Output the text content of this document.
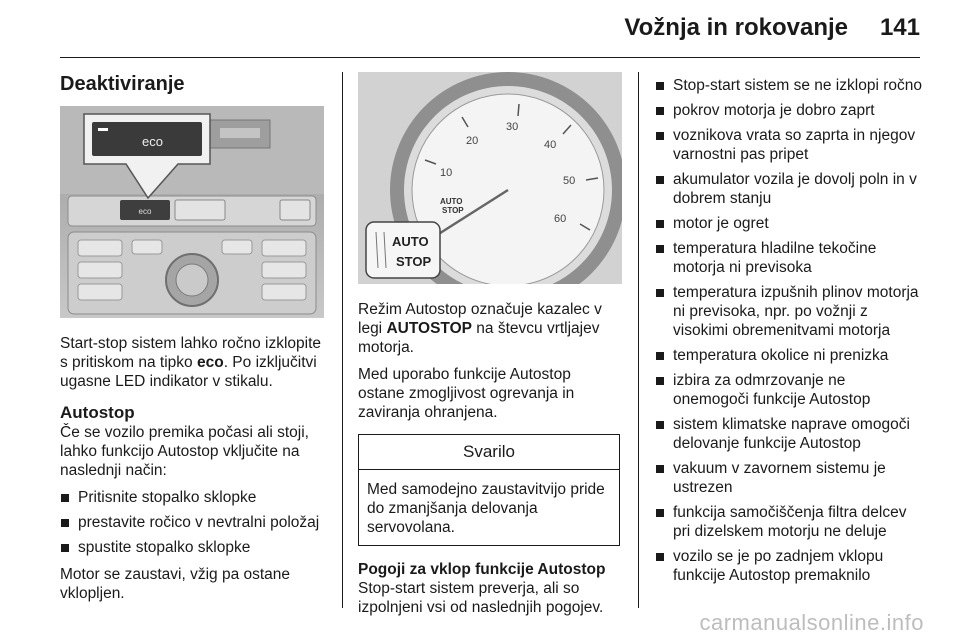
Vožnja in rokovanje 141
Deaktiviranje
eco
eco

Start-stop sistem lahko ročno izklopite s pritiskom na tipko eco. Po izključitvi ugasne LED indikator v stikalu.

Autostop

Če se vozilo premika počasi ali stoji, lahko funkcijo Autostop vključite na naslednji način:

Pritisnite stopalko sklopke
prestavite ročico v nevtralni položaj
spustite stopalko sklopke

Motor se zaustavi, vžig pa ostane vklopljen.

10
20
30
40
50
60
AUTO
STOP
AUTO
STOP

Režim Autostop označuje kazalec v legi AUTOSTOP na števcu vrtljajev motorja.

Med uporabo funkcije Autostop ostane zmogljivost ogrevanja in zaviranja ohranjena.

Svarilo
Med samodejno zaustavitvijo pride do zmanjšanja delovanja servovolana.
Pogoji za vklop funkcije Autostop

Stop-start sistem preverja, ali so izpolnjeni vsi od naslednjih pogojev.

Stop-start sistem se ne izklopi ročno
pokrov motorja je dobro zaprt
voznikova vrata so zaprta in njegov varnostni pas pripet
akumulator vozila je dovolj poln in v dobrem stanju
motor je ogret
temperatura hladilne tekočine motorja ni previsoka
temperatura izpušnih plinov motorja ni previsoka, npr. po vožnji z visokimi obremenitvami motorja
temperatura okolice ni prenizka
izbira za odmrzovanje ne onemogoči funkcije Autostop
sistem klimatske naprave omogoči delovanje funkcije Autostop
vakuum v zavornem sistemu je ustrezen
funkcija samočiščenja filtra delcev pri dizelskem motorju ne deluje
vozilo se je po zadnjem vklopu funkcije Autostop premaknilo
carmanualsonline.info
